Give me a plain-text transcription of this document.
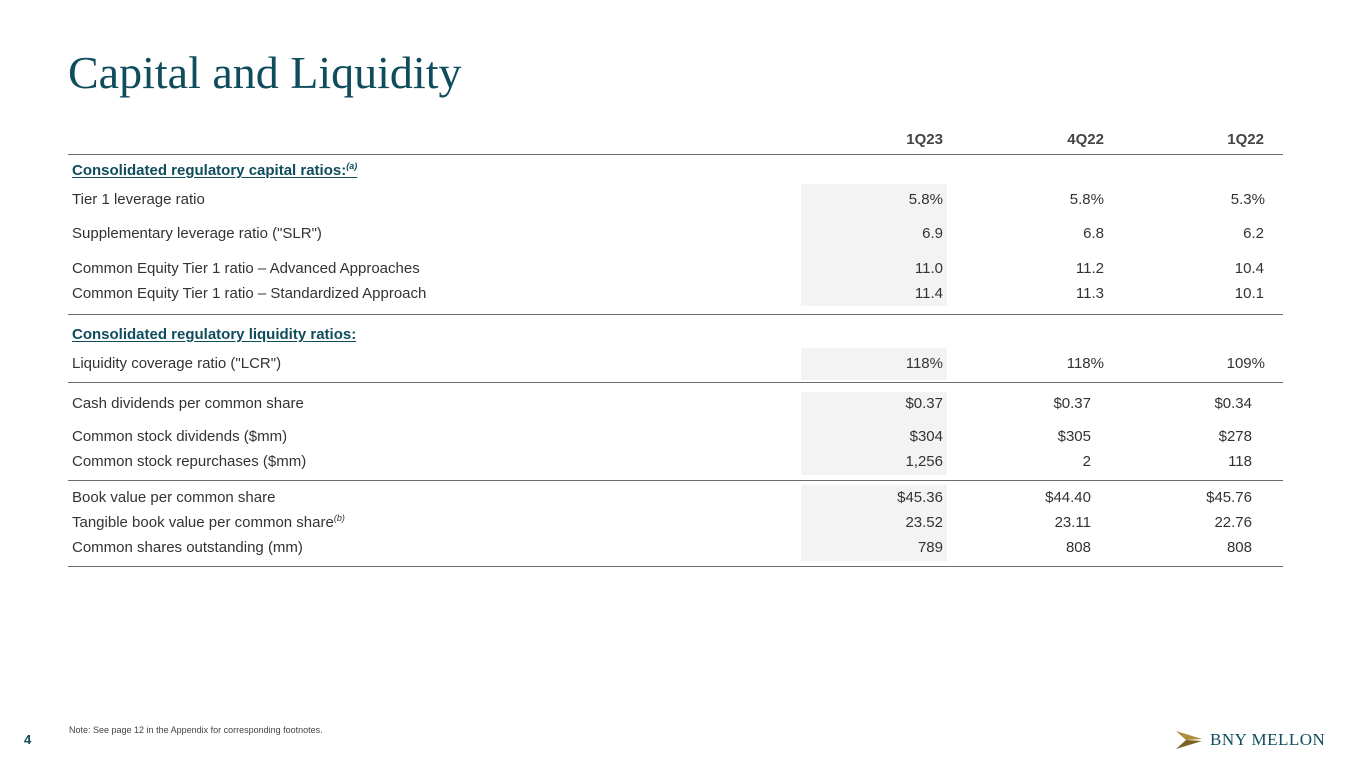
Capital and Liquidity
1Q23	4Q22	1Q22
Consolidated regulatory capital ratios:$^{(a)}$
Tier 1 leverage ratio	5.8%	5.8%	5.3%
Supplementary leverage ratio ("SLR")	6.9	6.8	6.2
Common Equity Tier 1 ratio – Advanced Approaches	11.0	11.2	10.4
Common Equity Tier 1 ratio – Standardized Approach	11.4	11.3	10.1
Consolidated regulatory liquidity ratios:
Liquidity coverage ratio ("LCR")	118%	118%	109%
Cash dividends per common share	$0.37	$0.37	$0.34
Common stock dividends ($mm)	$304	$305	$278
Common stock repurchases ($mm)	1,256	2	118
Book value per common share	$45.36	$44.40	$45.76
Tangible book value per common share$^{(b)}$	23.52	23.11	22.76
Common shares outstanding (mm)	789	808	808
Note: See page 12 in the Appendix for corresponding footnotes.
4	BNY MELLON
